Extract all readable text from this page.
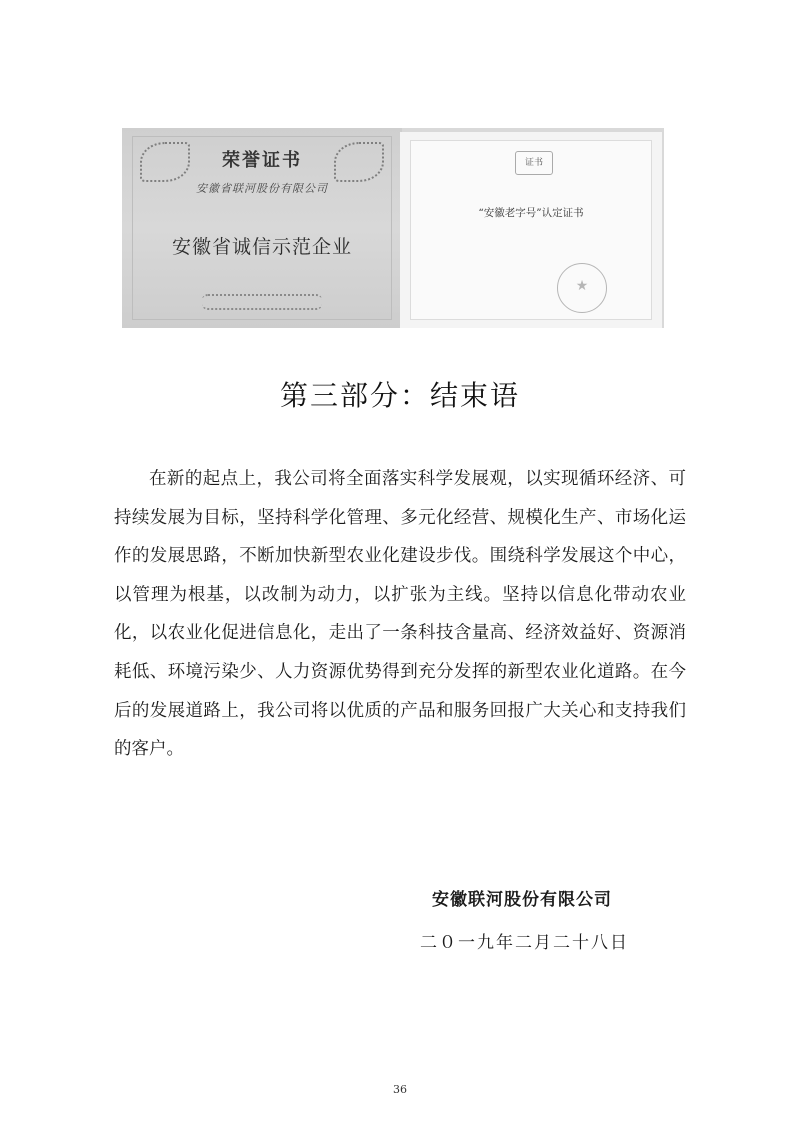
荣誉证书
安徽省联河股份有限公司
安徽省诚信示范企业
证书
“安徽老字号”认定证书
★
第三部分：结束语

在新的起点上，我公司将全面落实科学发展观，以实现循环经济、可持续发展为目标，坚持科学化管理、多元化经营、规模化生产、市场化运作的发展思路，不断加快新型农业化建设步伐。围绕科学发展这个中心，以管理为根基，以改制为动力，以扩张为主线。坚持以信息化带动农业化，以农业化促进信息化，走出了一条科技含量高、经济效益好、资源消耗低、环境污染少、人力资源优势得到充分发挥的新型农业化道路。在今后的发展道路上，我公司将以优质的产品和服务回报广大关心和支持我们的客户。

安徽联河股份有限公司
二０一九年二月二十八日
36
